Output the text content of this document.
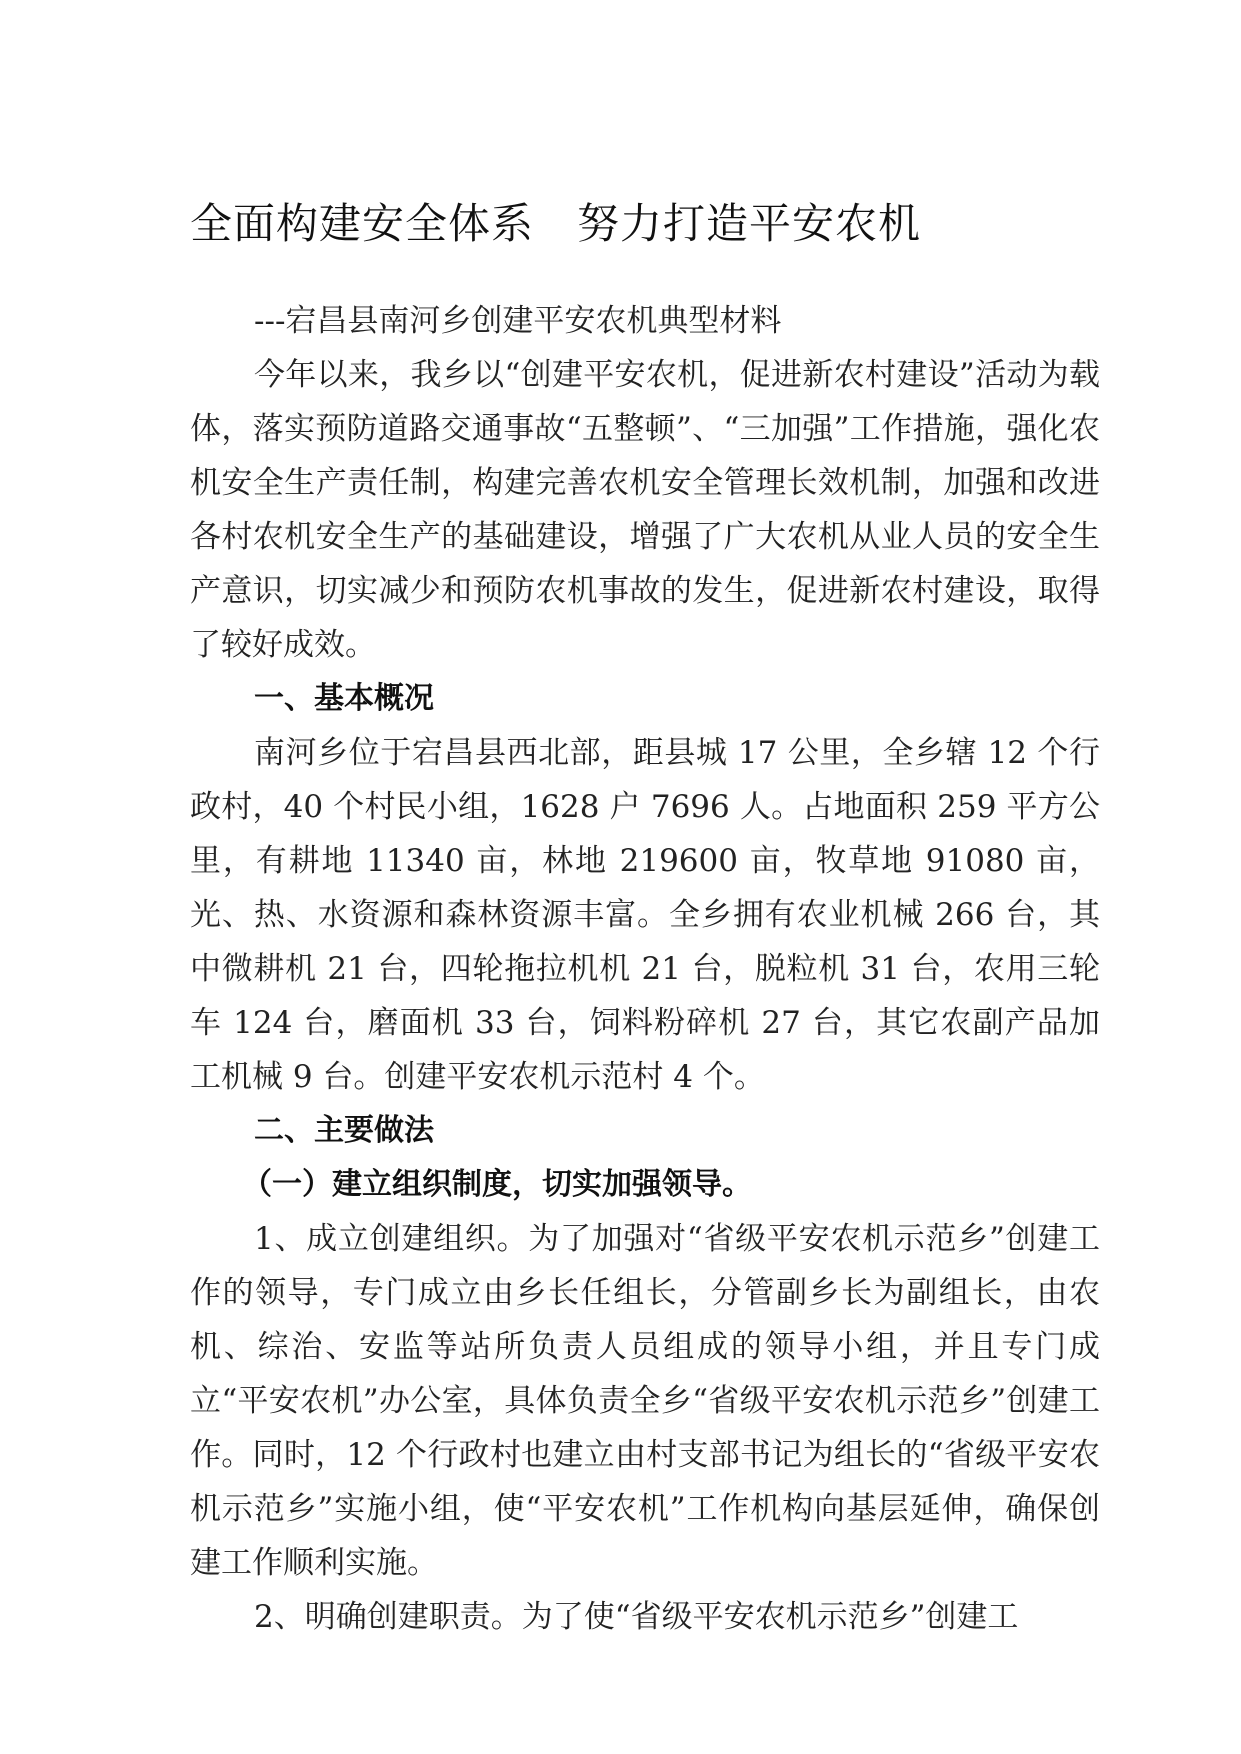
全面构建安全体系　努力打造平安农机

---宕昌县南河乡创建平安农机典型材料

今年以来，我乡以“创建平安农机，促进新农村建设”活动为载体，落实预防道路交通事故“五整顿”、“三加强”工作措施，强化农机安全生产责任制，构建完善农机安全管理长效机制，加强和改进各村农机安全生产的基础建设，增强了广大农机从业人员的安全生产意识，切实减少和预防农机事故的发生，促进新农村建设，取得了较好成效。

一、基本概况

南河乡位于宕昌县西北部，距县城 17 公里，全乡辖 12 个行政村，40 个村民小组，1628 户 7696 人。占地面积 259 平方公里，有耕地 11340 亩，林地 219600 亩，牧草地 91080 亩，光、热、水资源和森林资源丰富。全乡拥有农业机械 266 台，其中微耕机 21 台，四轮拖拉机机 21 台，脱粒机 31 台，农用三轮车 124 台，磨面机 33 台，饲料粉碎机 27 台，其它农副产品加工机械 9 台。创建平安农机示范村 4 个。

二、主要做法

（一）建立组织制度，切实加强领导。

1、成立创建组织。为了加强对“省级平安农机示范乡”创建工作的领导，专门成立由乡长任组长，分管副乡长为副组长，由农机、综治、安监等站所负责人员组成的领导小组，并且专门成立“平安农机”办公室，具体负责全乡“省级平安农机示范乡”创建工作。同时，12 个行政村也建立由村支部书记为组长的“省级平安农机示范乡”实施小组，使“平安农机”工作机构向基层延伸，确保创建工作顺利实施。

2、明确创建职责。为了使“省级平安农机示范乡”创建工
